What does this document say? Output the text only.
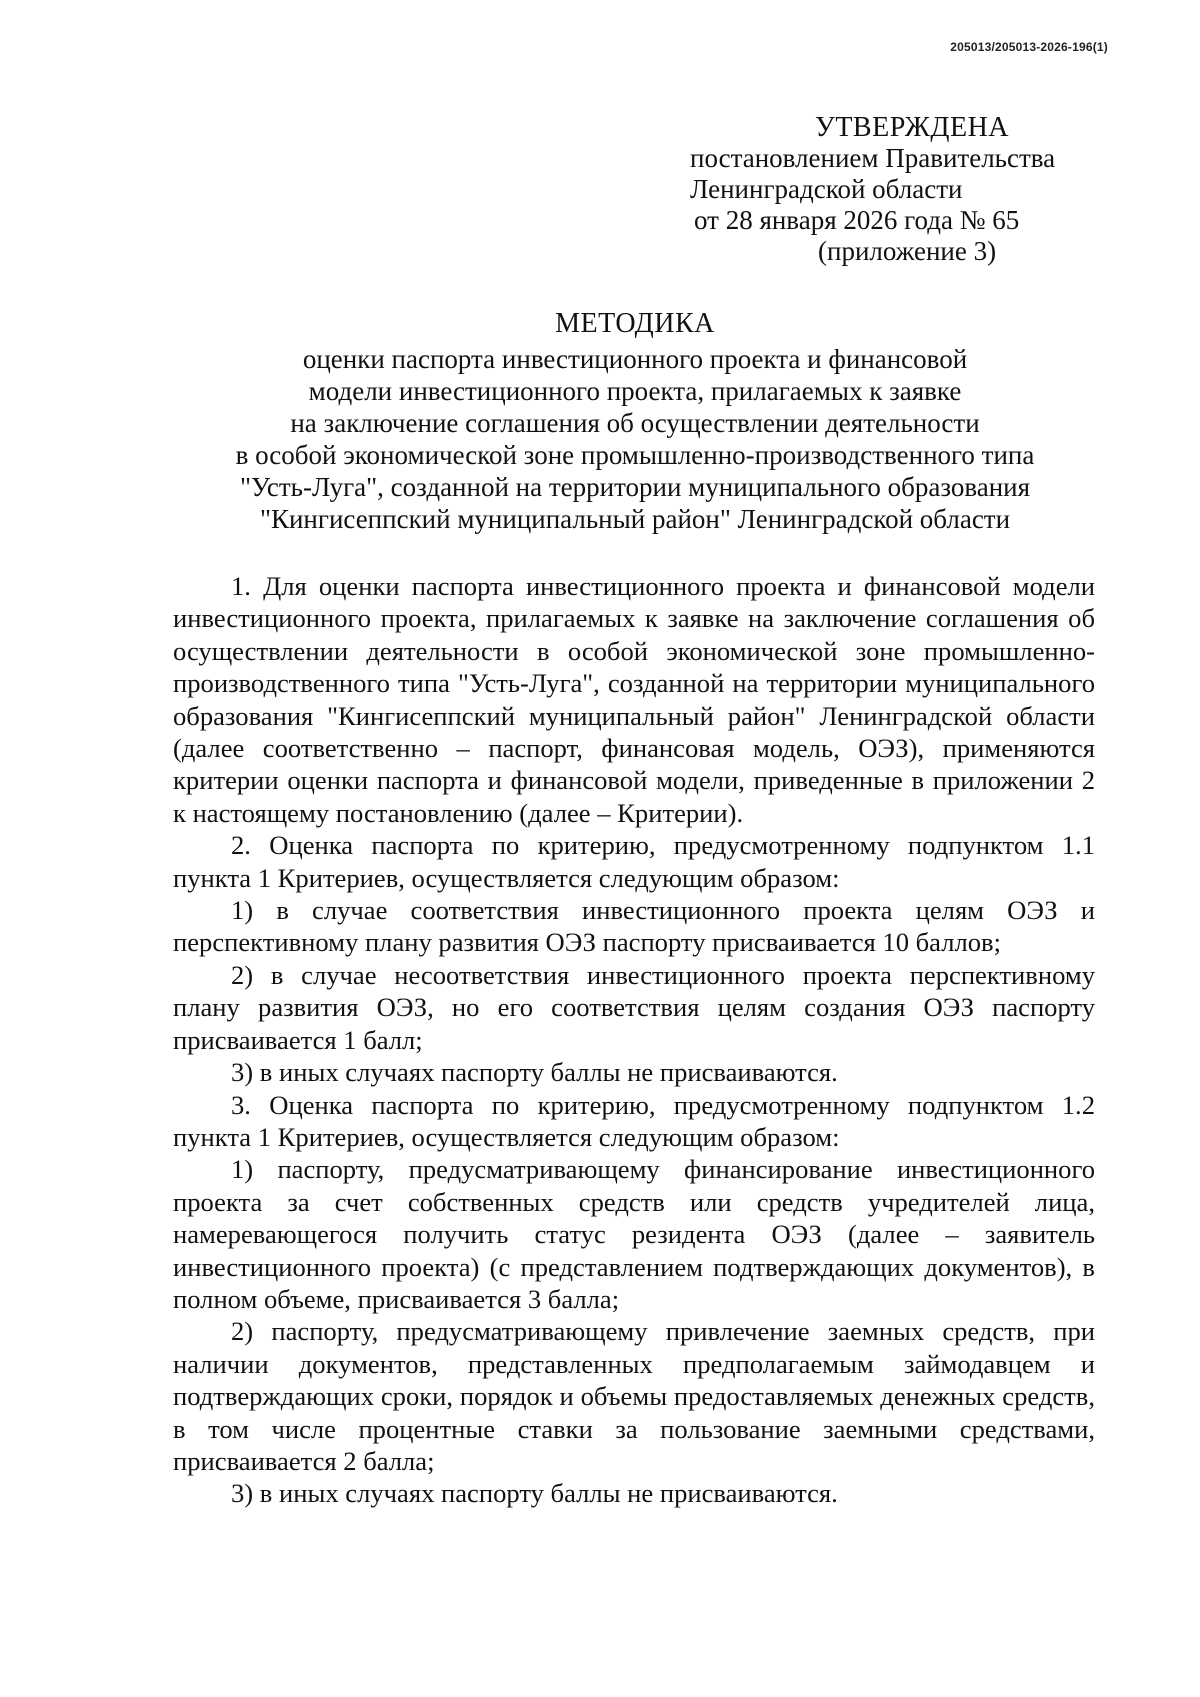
205013/205013-2026-196(1)
УТВЕРЖДЕНА
постановлением Правительства
Ленинградской области
от 28 января 2026 года № 65
(приложение 3)
МЕТОДИКА
оценки паспорта инвестиционного проекта и финансовой
модели инвестиционного проекта, прилагаемых к заявке
на заключение соглашения об осуществлении деятельности
в особой экономической зоне промышленно-производственного типа
"Усть-Луга", созданной на территории муниципального образования
"Кингисеппский муниципальный район" Ленинградской области

1. Для оценки паспорта инвестиционного проекта и финансовой модели инвестиционного проекта, прилагаемых к заявке на заключение соглашения об осуществлении деятельности в особой экономической зоне промышленно-производственного типа "Усть-Луга", созданной на территории муниципального образования "Кингисеппский муниципальный район" Ленинградской области (далее соответственно – паспорт, финансовая модель, ОЭЗ), применяются критерии оценки паспорта и финансовой модели, приведенные в приложении 2 к настоящему постановлению (далее – Критерии).

2. Оценка паспорта по критерию, предусмотренному подпунктом 1.1 пункта 1 Критериев, осуществляется следующим образом:

1) в случае соответствия инвестиционного проекта целям ОЭЗ и перспективному плану развития ОЭЗ паспорту присваивается 10 баллов;

2) в случае несоответствия инвестиционного проекта перспективному плану развития ОЭЗ, но его соответствия целям создания ОЭЗ паспорту присваивается 1 балл;

3) в иных случаях паспорту баллы не присваиваются.

3. Оценка паспорта по критерию, предусмотренному подпунктом 1.2 пункта 1 Критериев, осуществляется следующим образом:

1) паспорту, предусматривающему финансирование инвестиционного проекта за счет собственных средств или средств учредителей лица, намеревающегося получить статус резидента ОЭЗ (далее – заявитель инвестиционного проекта) (с представлением подтверждающих документов), в полном объеме, присваивается 3 балла;

2) паспорту, предусматривающему привлечение заемных средств, при наличии документов, представленных предполагаемым займодавцем и подтверждающих сроки, порядок и объемы предоставляемых денежных средств, в том числе процентные ставки за пользование заемными средствами, присваивается 2 балла;

3) в иных случаях паспорту баллы не присваиваются.
